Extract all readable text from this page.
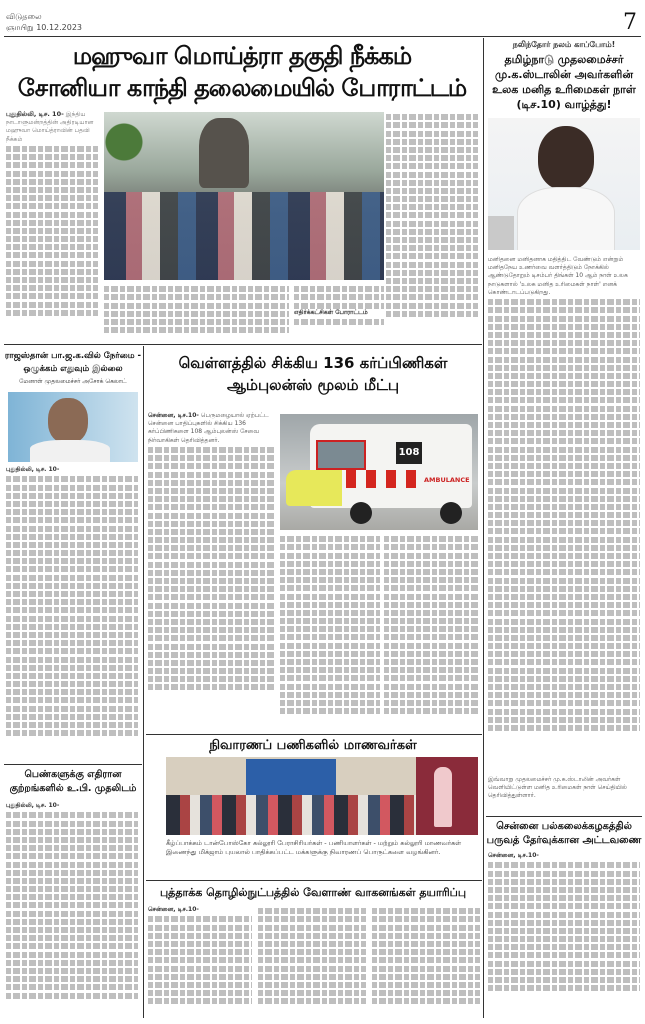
விடுதலை
ஞாயிறு 10.12.2023	7
மஹுவா மொய்த்ரா தகுதி நீக்கம்
சோனியா காந்தி தலைமையில் போராட்டம்
புதுதில்லி, டிச. 10- இந்திய நாடாளுமன்றத்தின் அதிரடியான மஹுவா மொய்த்ராவின் பதவி நீக்கம்
எதிர்க்கட்சிகள் போராட்டம்
நலிந்தோர் நலம் காப்போம்!
தமிழ்நாடு முதலமைச்சர்
மு.க.ஸ்டாலின் அவர்களின்
உலக மனித உரிமைகள் நாள்
(டிச.10) வாழ்த்து!
மனிதனை மனிதனாக மதித்திட வேண்டும் என்றும் மனிதநேய உணர்வை வளர்த்திடும் நோக்கில் ஆண்டுதோறும் டிசம்பர் திங்கள் 10 ஆம் நாள் உலக நாடுகளால் 'உலக மனித உரிமைகள் நாள்' எனக் கொண்டாடப்படுகிறது.
இவ்வாறு முதலமைச்சர் மு.க.ஸ்டாலின் அவர்கள் வெளியிட்டுள்ள மனித உரிமைகள் நாள் செய்தியில் தெரிவித்துள்ளார்.
சென்னை பல்கலைக்கழகத்தில்
பருவத் தேர்வுக்கான அட்டவணை
சென்னை, டிச.10-
ராஜஸ்தான் பா.ஜ.க.வில் நேர்மை -
ஒழுக்கம் எதுவும் இல்லை
மேனாள் முதலமைச்சர் அசோக் கெலாட்
புதுதில்லி, டிச. 10-
பெண்களுக்கு எதிரான
குற்றங்களில் உ.பி. முதலிடம்
புதுதில்லி, டிச. 10-
வெள்ளத்தில் சிக்கிய 136 கர்ப்பிணிகள்
ஆம்புலன்ஸ் மூலம் மீட்பு
சென்னை, டிச.10- பெருமழையால் ஏற்பட்ட சென்னை பாதிப்புகளில் சிக்கிய 136 கர்ப்பிணிகளை 108 ஆம்புலன்ஸ் சேவை நிர்வாகிகள் தெரிவித்தனர்.
108
AMBULANCE
நிவாரணப் பணிகளில் மாணவர்கள்
கீழ்ப்பாக்கம் டான்போஸ்கோ கல்லூரி பேராசிரியர்கள் - பணியாளர்கள் - மற்றும் கல்லூரி மாணவர்கள் இணைந்து மிக்ஜாம் புயலால் பாதிக்கப்பட்ட மக்களுக்கு நிவாரணப் பொருட்களை வழங்கினர்.
புத்தாக்க தொழில்நுட்பத்தில் வேளாண் வாகனங்கள் தயாரிப்பு
சென்னை, டிச.10-
